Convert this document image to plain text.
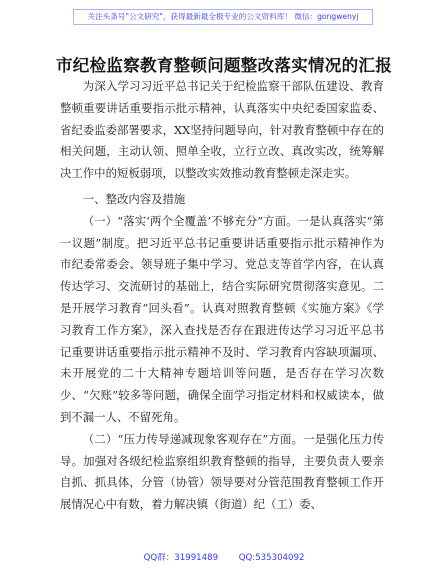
关注头条号"公文研究"，获得最新最全极专业的公文资料库！ 微信：gongwenyj
市纪检监察教育整顿问题整改落实情况的汇报

为深入学习习近平总书记关于纪检监察干部队伍建设、教育整顿重要讲话重要指示批示精神，认真落实中央纪委国家监委、省纪委监委部署要求，XX坚持问题导向，针对教育整顿中存在的相关问题，主动认领、照单全收，立行立改、真改实改，统筹解决工作中的短板弱项，以整改实效推动教育整顿走深走实。

一、整改内容及措施

（一）“落实‘两个全覆盖’不够充分”方面。一是认真落实“第一议题”制度。把习近平总书记重要讲话重要指示批示精神作为市纪委常委会、领导班子集中学习、党总支等首学内容，在认真传达学习、交流研讨的基础上，结合实际研究贯彻落实意见。二是开展学习教育“回头看”。认真对照教育整顿《实施方案》《学习教育工作方案》，深入查找是否存在跟进传达学习习近平总书记重要讲话重要指示批示精神不及时、学习教育内容缺项漏项、未开展党的二十大精神专题培训等问题，是否存在学习次数少、“欠账”较多等问题，确保全面学习指定材料和权威读本，做到不漏一人、不留死角。

（二）“压力传导递减现象客观存在”方面。一是强化压力传导。加强对各级纪检监察组织教育整顿的指导，主要负责人要亲自抓、抓具体，分管（协管）领导要对分管范围教育整顿工作开展情况心中有数，着力解决镇（街道）纪（工）委、

QQ群：31991489 QQ:535304092
